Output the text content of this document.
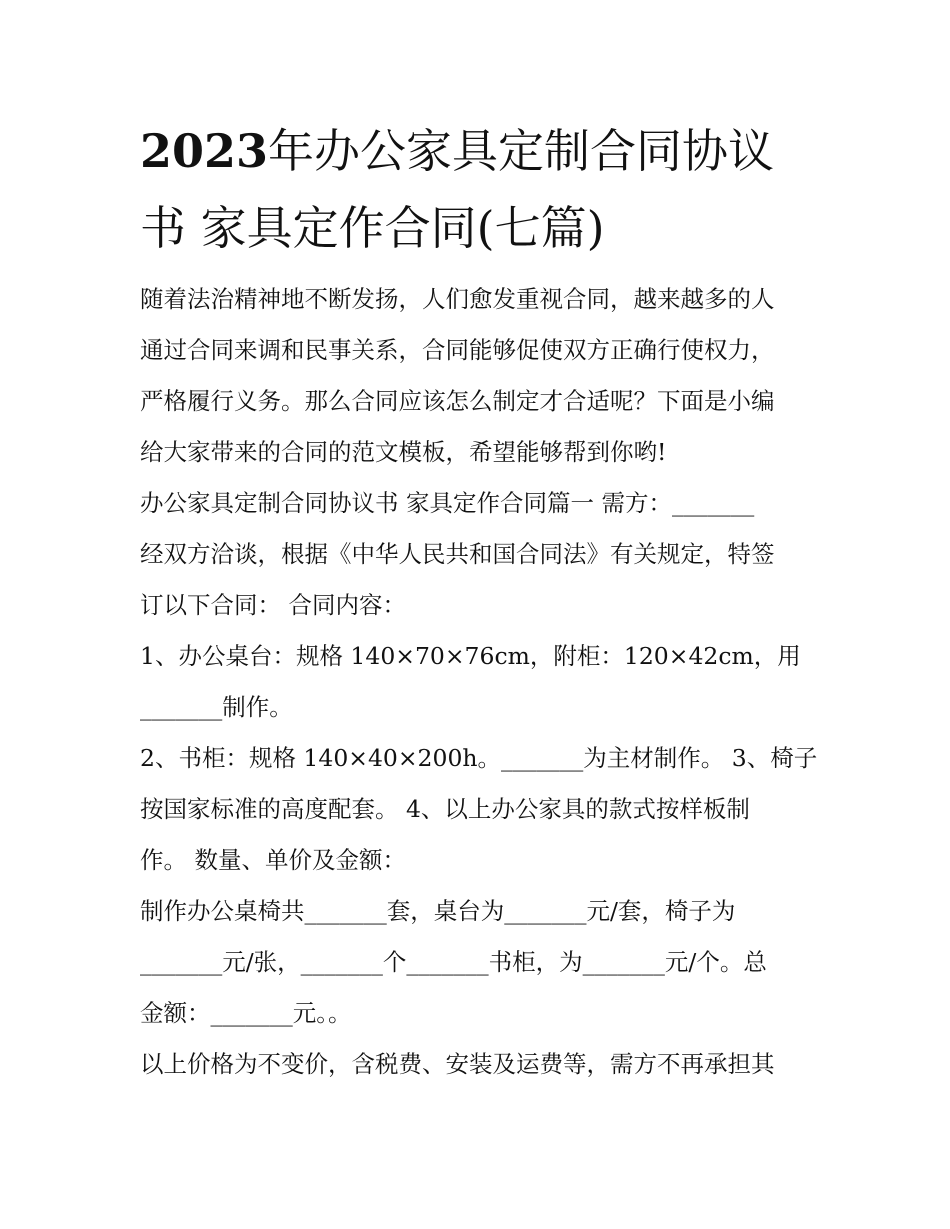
2023年办公家具定制合同协议
书 家具定作合同(七篇)
随着法治精神地不断发扬，人们愈发重视合同，越来越多的人
通过合同来调和民事关系，合同能够促使双方正确行使权力，
严格履行义务。那么合同应该怎么制定才合适呢？下面是小编
给大家带来的合同的范文模板，希望能够帮到你哟!
办公家具定制合同协议书 家具定作合同篇一 需方：_______
经双方洽谈，根据《中华人民共和国合同法》有关规定，特签
订以下合同： 合同内容：
1、办公桌台：规格 140×70×76cm，附柜：120×42cm，用
_______制作。
2、书柜：规格 140×40×200h。_______为主材制作。 3、椅子
按国家标准的高度配套。 4、以上办公家具的款式按样板制
作。 数量、单价及金额：
制作办公桌椅共_______套，桌台为_______元/套，椅子为
_______元/张，_______个_______书柜，为_______元/个。总
金额：_______元。。
以上价格为不变价，含税费、安装及运费等，需方不再承担其
